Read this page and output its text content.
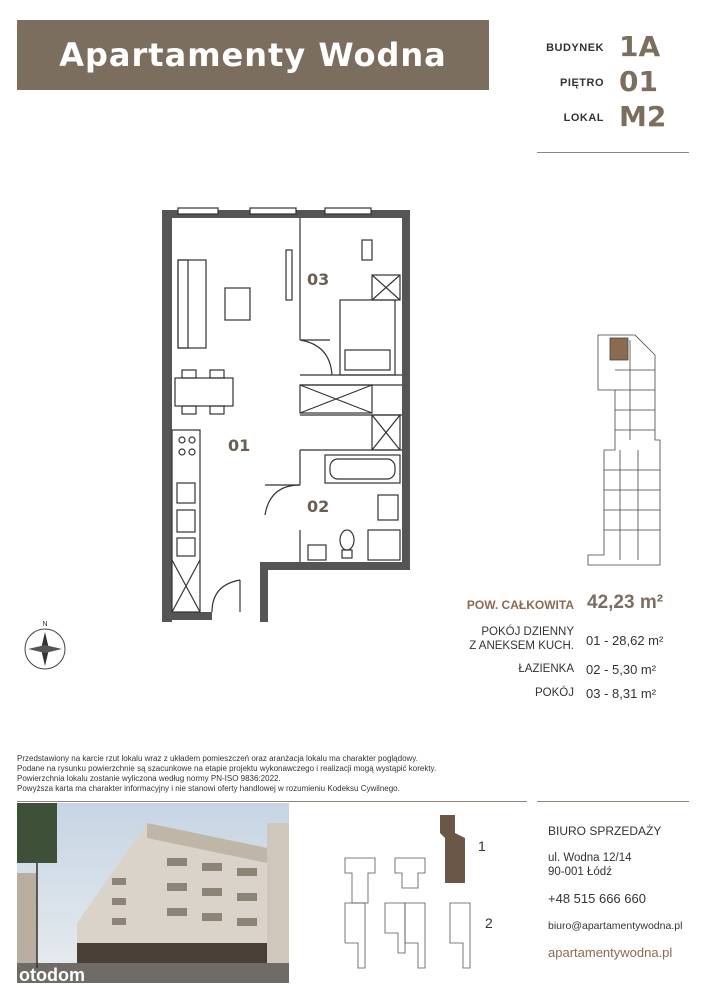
Apartamenty Wodna	BUDYNEK 1A
PIĘTRO 01
LOKAL M2
03
01
02
N
POW. CAŁKOWITA 42,23 m²
POKÓJ DZIENNY
Z ANEKSEM KUCH. 01 - 28,62 m²
ŁAZIENKA 02 - 5,30 m²
POKÓJ 03 - 8,31 m²
Przedstawiony na karcie rzut lokalu wraz z układem pomieszczeń oraz aranżacja lokalu ma charakter poglądowy.
Podane na rysunku powierzchnie są szacunkowe na etapie projektu wykonawczego i realizacji mogą wystąpić korekty.
Powierzchnia lokalu zostanie wyliczona według normy PN-ISO 9836:2022.
Powyższa karta ma charakter informacyjny i nie stanowi oferty handlowej w rozumieniu Kodeksu Cywilnego.
otodom
1
2
BIURO SPRZEDAŻY
ul. Wodna 12/14
90-001 Łódź
+48 515 666 660
biuro@apartamentywodna.pl
apartamentywodna.pl
